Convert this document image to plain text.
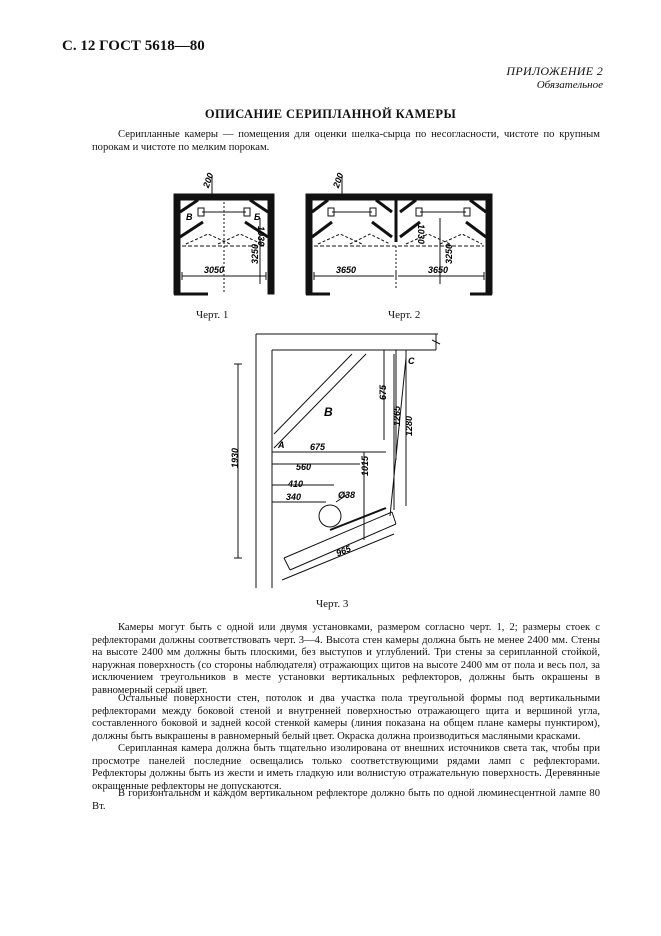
С. 12 ГОСТ 5618—80
ПРИЛОЖЕНИЕ 2
Обязательное
ОПИСАНИЕ СЕРИПЛАННОЙ КАМЕРЫ

Серипланные камеры — помещения для оценки шелка-сырца по несогласности, чистоте по крупным порокам и чистоте по мелким порокам.

200
1030
3250
3050
В	Б
200
1030
3250
3650	3650
Черт. 1	Черт. 2
1930
675
1265 1280
1015
675
560
410
340	Ø38
965
А
В
С
Черт. 3

Камеры могут быть с одной или двумя установками, размером согласно черт. 1, 2; размеры стоек с рефлекторами должны соответствовать черт. 3—4. Высота стен камеры должна быть не менее 2400 мм. Стены на высоте 2400 мм должны быть плоскими, без выступов и углублений. Три стены за серипланной стойкой, наружная поверхность (со стороны наблюдателя) отражающих щитов на высоте 2400 мм от пола и весь пол, за исключением треугольников в месте установки вертикальных рефлекторов, должны быть окрашены в равномерный серый цвет.

Остальные поверхности стен, потолок и два участка пола треугольной формы под вертикальными рефлекторами между боковой стеной и внутренней поверхностью отражающего щита и вершиной угла, составленного боковой и задней косой стенкой камеры (линия показана на общем плане камеры пунктиром), должны быть выкрашены в равномерный белый цвет. Окраска должна производиться масляными красками.

Серипланная камера должна быть тщательно изолирована от внешних источников света так, чтобы при просмотре панелей последние освещались только соответствующими рядами ламп с рефлекторами. Рефлекторы должны быть из жести и иметь гладкую или волнистую отражательную поверхность. Деревянные окрашенные рефлекторы не допускаются.

В горизонтальном и каждом вертикальном рефлекторе должно быть по одной люминесцентной лампе 80 Вт.
